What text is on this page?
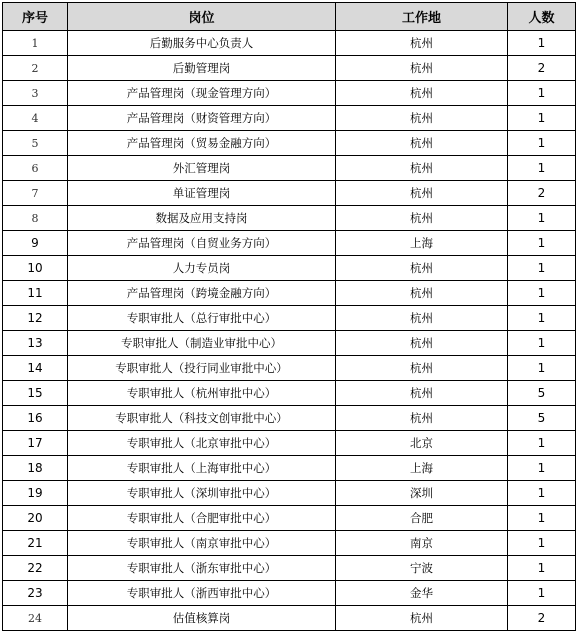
序号	岗位	工作地	人数
1	后勤服务中心负责人	杭州	1
2	后勤管理岗	杭州	2
3	产品管理岗（现金管理方向）	杭州	1
4	产品管理岗（财资管理方向）	杭州	1
5	产品管理岗（贸易金融方向）	杭州	1
6	外汇管理岗	杭州	1
7	单证管理岗	杭州	2
8	数据及应用支持岗	杭州	1
9	产品管理岗（自贸业务方向）	上海	1
10	人力专员岗	杭州	1
11	产品管理岗（跨境金融方向）	杭州	1
12	专职审批人（总行审批中心）	杭州	1
13	专职审批人（制造业审批中心）	杭州	1
14	专职审批人（投行同业审批中心）	杭州	1
15	专职审批人（杭州审批中心）	杭州	5
16	专职审批人（科技文创审批中心）	杭州	5
17	专职审批人（北京审批中心）	北京	1
18	专职审批人（上海审批中心）	上海	1
19	专职审批人（深圳审批中心）	深圳	1
20	专职审批人（合肥审批中心）	合肥	1
21	专职审批人（南京审批中心）	南京	1
22	专职审批人（浙东审批中心）	宁波	1
23	专职审批人（浙西审批中心）	金华	1
24	估值核算岗	杭州	2
